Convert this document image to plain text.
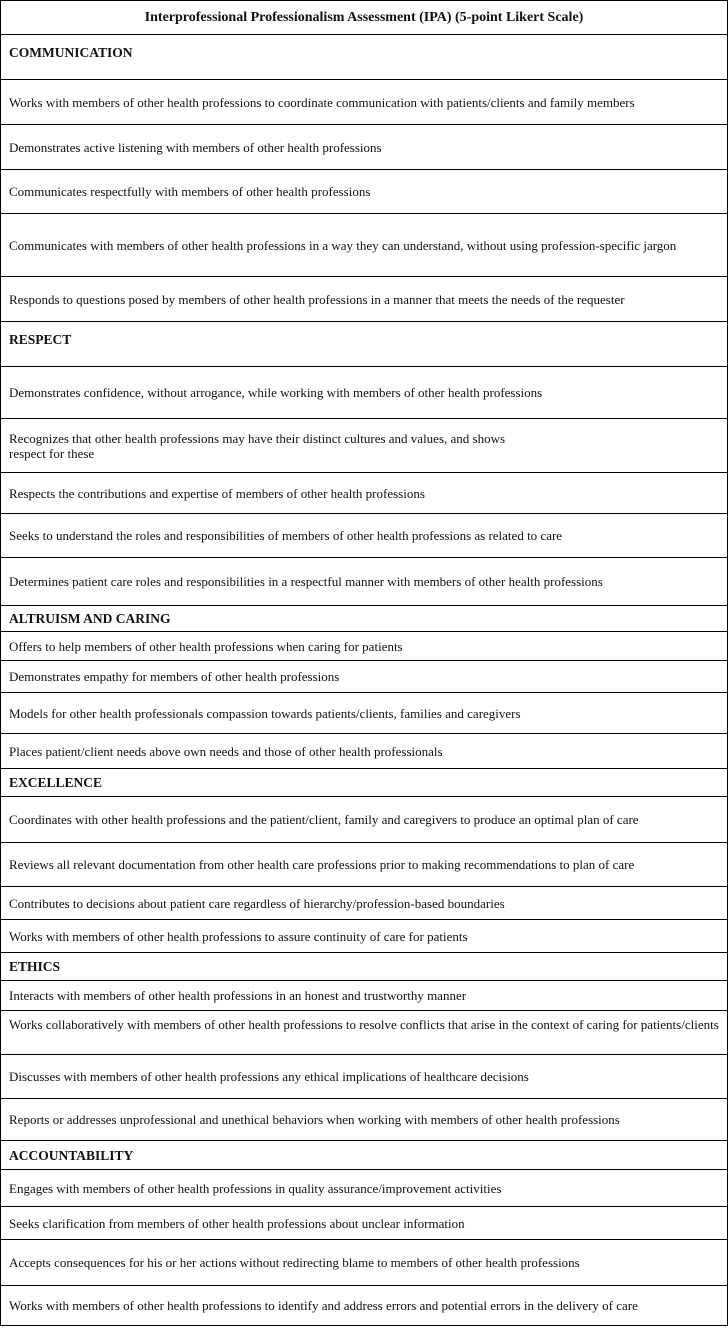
Interprofessional Professionalism Assessment (IPA) (5-point Likert Scale)
COMMUNICATION
Works with members of other health professions to coordinate communication with patients/clients and family members
Demonstrates active listening with members of other health professions
Communicates respectfully with members of other health professions
Communicates with members of other health professions in a way they can understand, without using profession-specific jargon
Responds to questions posed by members of other health professions in a manner that meets the needs of the requester
RESPECT
Demonstrates confidence, without arrogance, while working with members of other health professions
Recognizes that other health professions may have their distinct cultures and values, and shows respect for these
Respects the contributions and expertise of members of other health professions
Seeks to understand the roles and responsibilities of members of other health professions as related to care
Determines patient care roles and responsibilities in a respectful manner with members of other health professions
ALTRUISM AND CARING
Offers to help members of other health professions when caring for patients
Demonstrates empathy for members of other health professions
Models for other health professionals compassion towards patients/clients, families and caregivers
Places patient/client needs above own needs and those of other health professionals
EXCELLENCE
Coordinates with other health professions and the patient/client, family and caregivers to produce an optimal plan of care
Reviews all relevant documentation from other health care professions prior to making recommendations to plan of care
Contributes to decisions about patient care regardless of hierarchy/profession-based boundaries
Works with members of other health professions to assure continuity of care for patients
ETHICS
Interacts with members of other health professions in an honest and trustworthy manner
Works collaboratively with members of other health professions to resolve conflicts that arise in the context of caring for patients/clients
Discusses with members of other health professions any ethical implications of healthcare decisions
Reports or addresses unprofessional and unethical behaviors when working with members of other health professions
ACCOUNTABILITY
Engages with members of other health professions in quality assurance/improvement activities
Seeks clarification from members of other health professions about unclear information
Accepts consequences for his or her actions without redirecting blame to members of other health professions
Works with members of other health professions to identify and address errors and potential errors in the delivery of care
